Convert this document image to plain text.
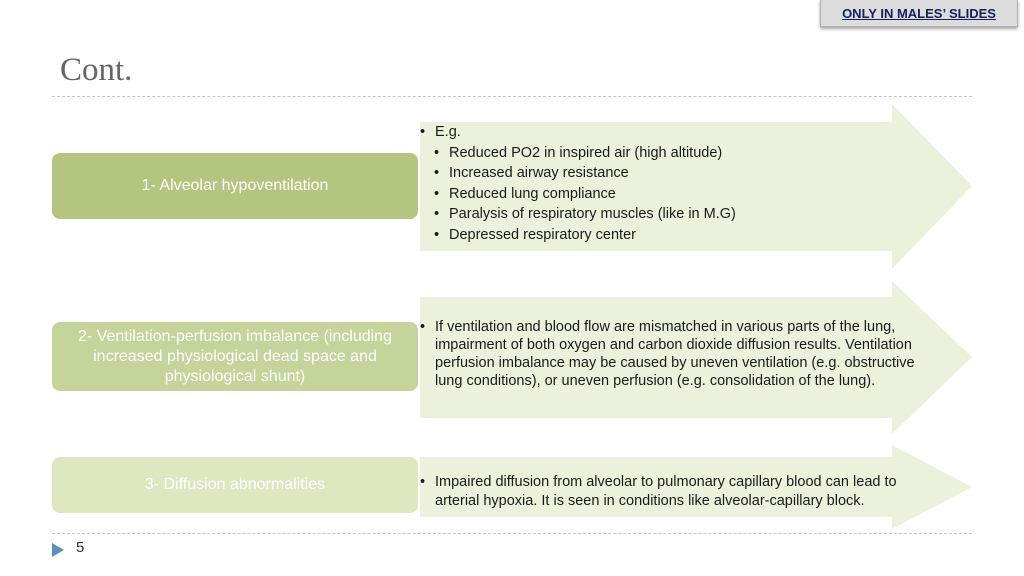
ONLY IN MALES’ SLIDES
Cont.
1- Alveolar hypoventilation
• E.g.
• Reduced PO2 in inspired air (high altitude)
• Increased airway resistance
• Reduced lung compliance
• Paralysis of respiratory muscles (like in M.G)
• Depressed respiratory center
2- Ventilation-perfusion imbalance (including increased physiological dead space and physiological shunt)
• If ventilation and blood flow are mismatched in various parts of the lung, impairment of both oxygen and carbon dioxide diffusion results. Ventilation perfusion imbalance may be caused by uneven ventilation (e.g. obstructive lung conditions), or uneven perfusion (e.g. consolidation of the lung).
3- Diffusion abnormalities
•	Impaired diffusion from alveolar to pulmonary capillary blood can lead to arterial hypoxia. It is seen in conditions like alveolar-capillary block.
5
